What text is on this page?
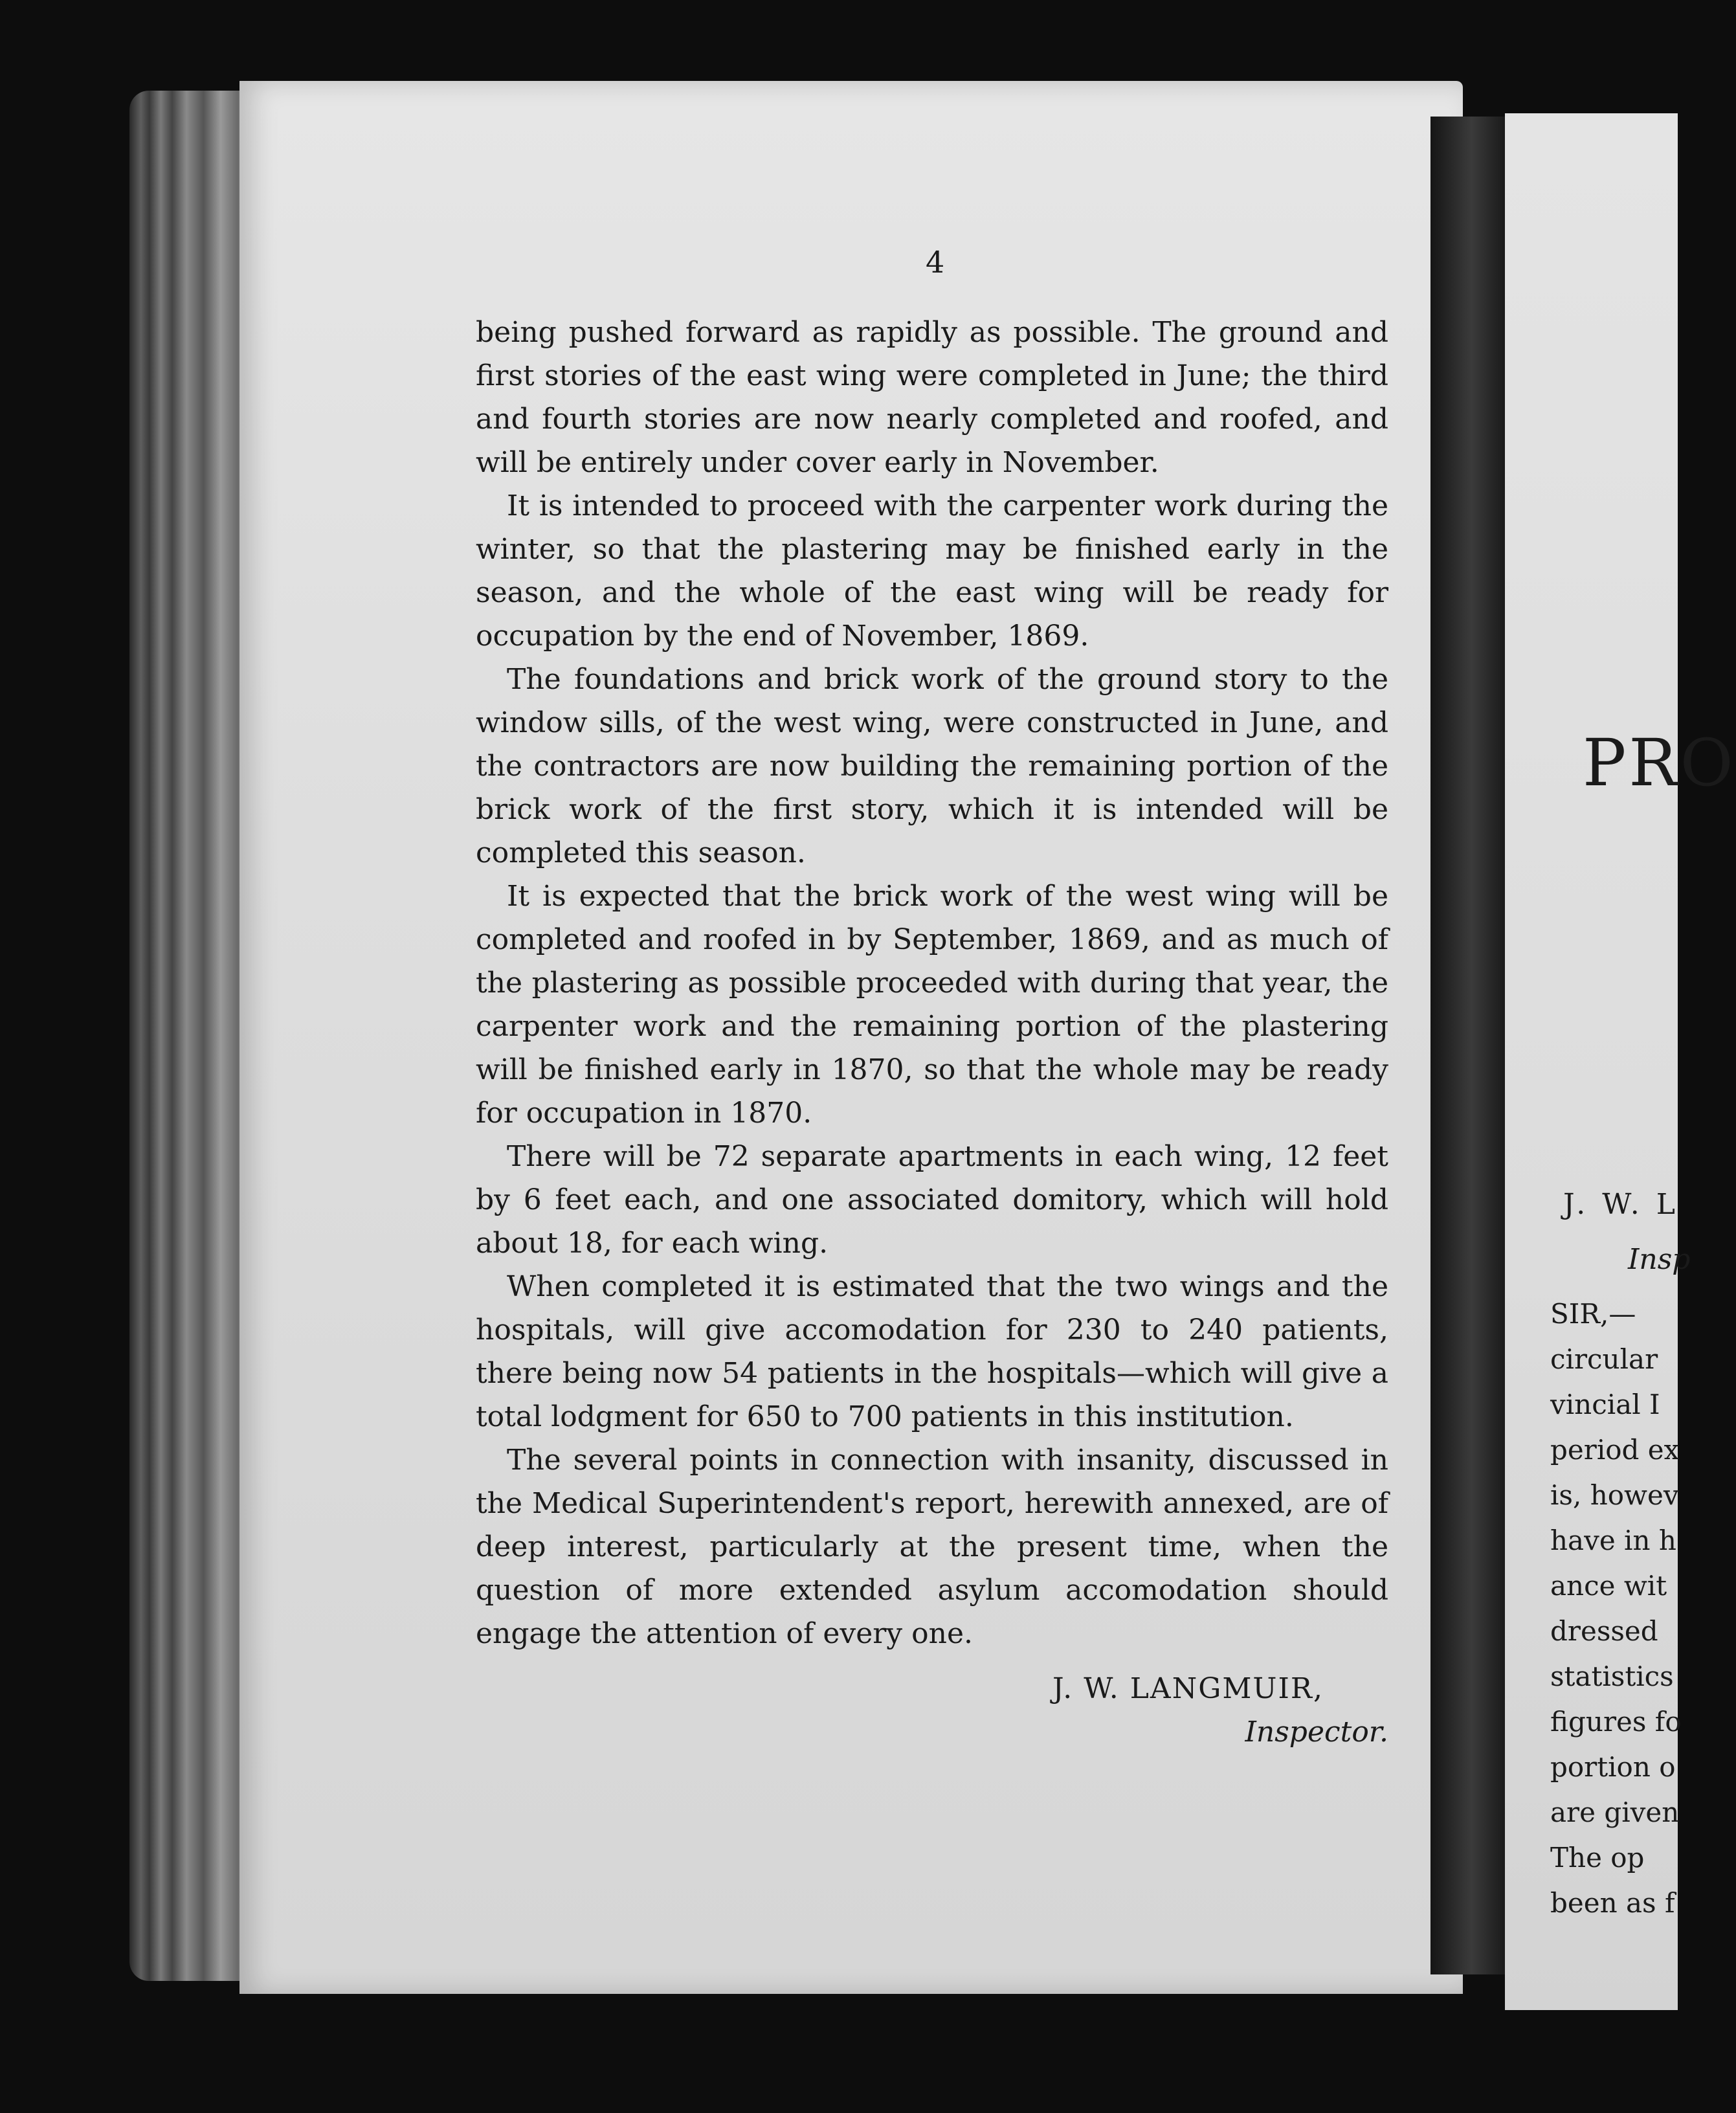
PRO
J. W. L
Insp
SIR,—
circular
vincial I
period ex
is, howev
have in h
ance wit
dressed
statistics
figures fo
portion o
are given
The op
been as f
4

being pushed forward as rapidly as possible. The ground and first stories of the east wing were completed in June; the third and fourth stories are now nearly completed and roofed, and will be entirely under cover early in November.

It is intended to proceed with the carpenter work during the winter, so that the plastering may be finished early in the season, and the whole of the east wing will be ready for occupation by the end of November, 1869.

The foundations and brick work of the ground story to the window sills, of the west wing, were constructed in June, and the contractors are now building the remaining portion of the brick work of the first story, which it is intended will be completed this season.

It is expected that the brick work of the west wing will be completed and roofed in by September, 1869, and as much of the plastering as possible proceeded with during that year, the carpenter work and the remaining portion of the plastering will be finished early in 1870, so that the whole may be ready for occupation in 1870.

There will be 72 separate apartments in each wing, 12 feet by 6 feet each, and one associated domitory, which will hold about 18, for each wing.

When completed it is estimated that the two wings and the hospitals, will give accomodation for 230 to 240 patients, there being now 54 patients in the hospitals—which will give a total lodgment for 650 to 700 patients in this institution.

The several points in connection with insanity, discussed in the Medical Superintendent's report, herewith annexed, are of deep interest, particularly at the present time, when the question of more extended asylum accomodation should engage the attention of every one.

J. W. LANGMUIR,
Inspector.
